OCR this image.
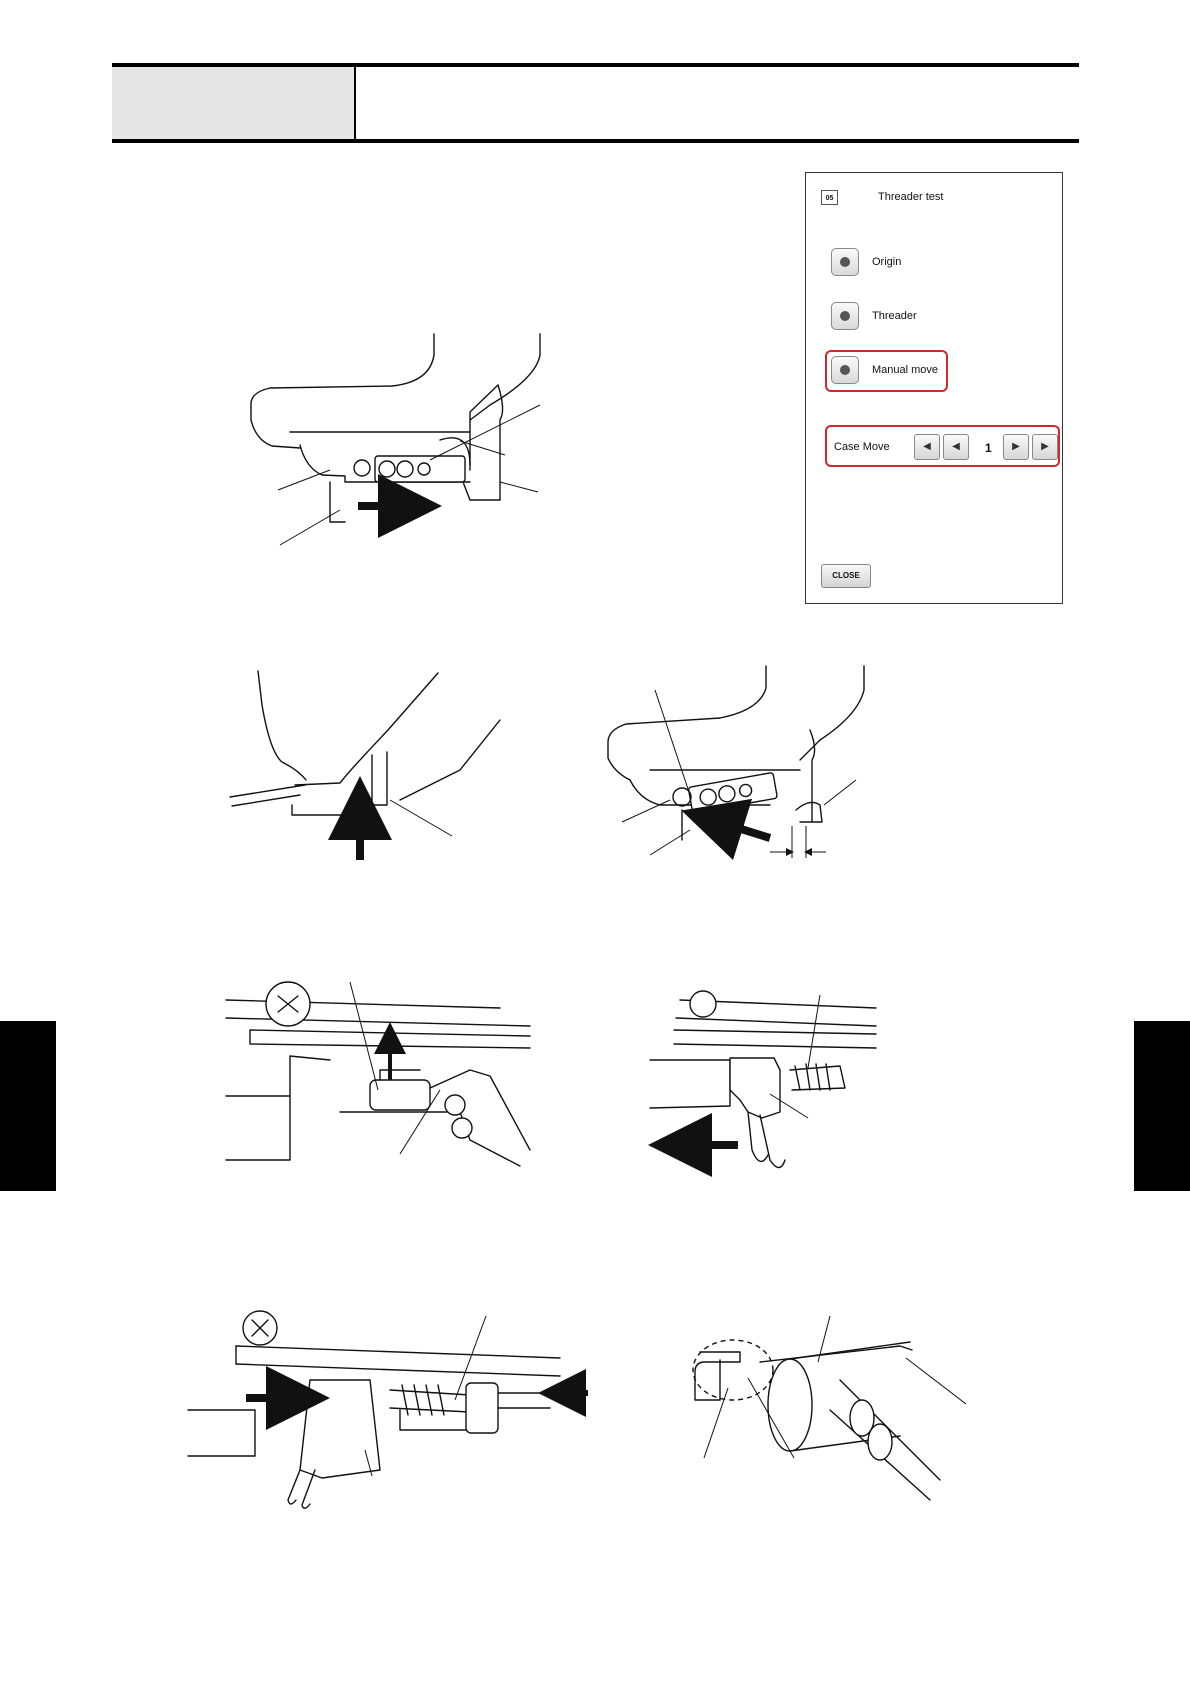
05	Threader test
Origin
Threader
Manual move
Case Move	◀	◀	1	▶	▶
CLOSE
